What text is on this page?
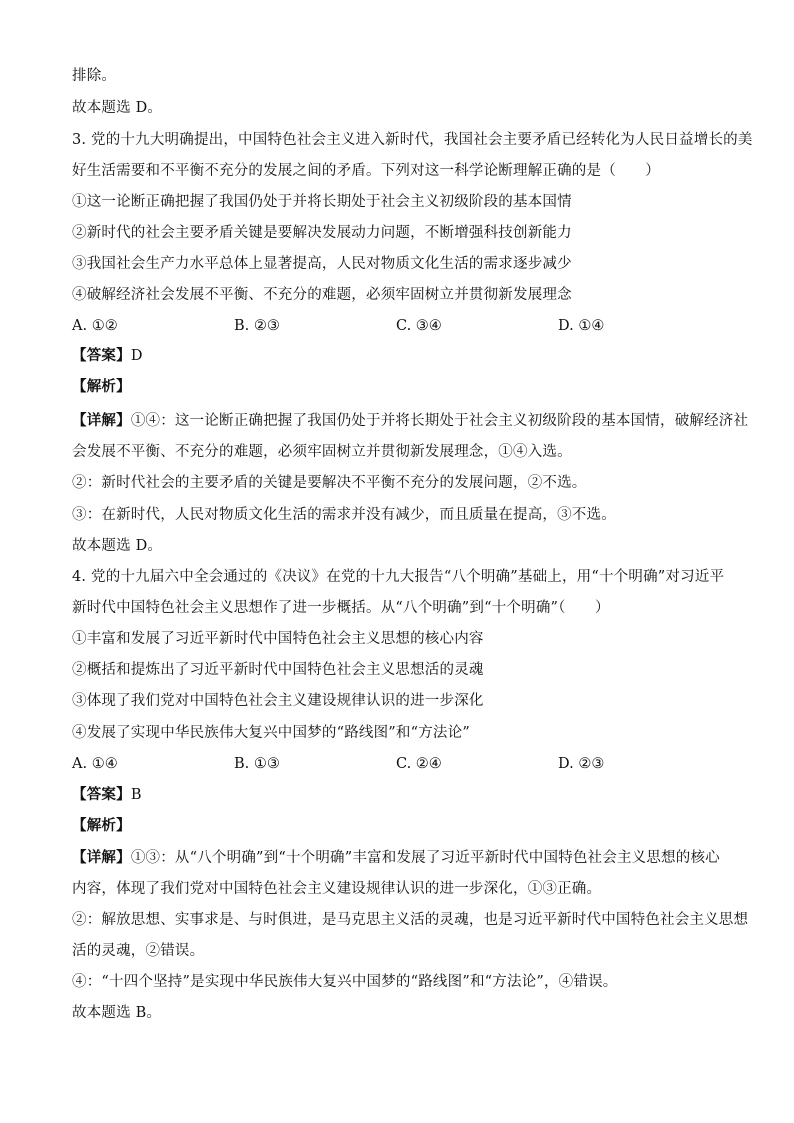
排除。
故本题选 D。
3. 党的十九大明确提出，中国特色社会主义进入新时代，我国社会主要矛盾已经转化为人民日益增长的美
好生活需要和不平衡不充分的发展之间的矛盾。下列对这一科学论断理解正确的是（　　）
①这一论断正确把握了我国仍处于并将长期处于社会主义初级阶段的基本国情
②新时代的社会主要矛盾关键是要解决发展动力问题，不断增强科技创新能力
③我国社会生产力水平总体上显著提高，人民对物质文化生活的需求逐步减少
④破解经济社会发展不平衡、不充分的难题，必须牢固树立并贯彻新发展理念
A. ①②	B. ②③	C. ③④	D. ①④
【答案】D
【解析】
【详解】①④：这一论断正确把握了我国仍处于并将长期处于社会主义初级阶段的基本国情，破解经济社
会发展不平衡、不充分的难题，必须牢固树立并贯彻新发展理念，①④入选。
②：新时代社会的主要矛盾的关键是要解决不平衡不充分的发展问题，②不选。
③：在新时代，人民对物质文化生活的需求并没有减少，而且质量在提高，③不选。
故本题选 D。
4. 党的十九届六中全会通过的《决议》在党的十九大报告“八个明确”基础上，用“十个明确”对习近平
新时代中国特色社会主义思想作了进一步概括。从“八个明确”到“十个明确”（　　）
①丰富和发展了习近平新时代中国特色社会主义思想的核心内容
②概括和提炼出了习近平新时代中国特色社会主义思想活的灵魂
③体现了我们党对中国特色社会主义建设规律认识的进一步深化
④发展了实现中华民族伟大复兴中国梦的“路线图”和“方法论”
A. ①④	B. ①③	C. ②④	D. ②③
【答案】B
【解析】
【详解】①③：从“八个明确”到“十个明确”丰富和发展了习近平新时代中国特色社会主义思想的核心
内容，体现了我们党对中国特色社会主义建设规律认识的进一步深化，①③正确。
②：解放思想、实事求是、与时俱进，是马克思主义活的灵魂，也是习近平新时代中国特色社会主义思想
活的灵魂，②错误。
④：“十四个坚持”是实现中华民族伟大复兴中国梦的“路线图”和“方法论”，④错误。
故本题选 B。
